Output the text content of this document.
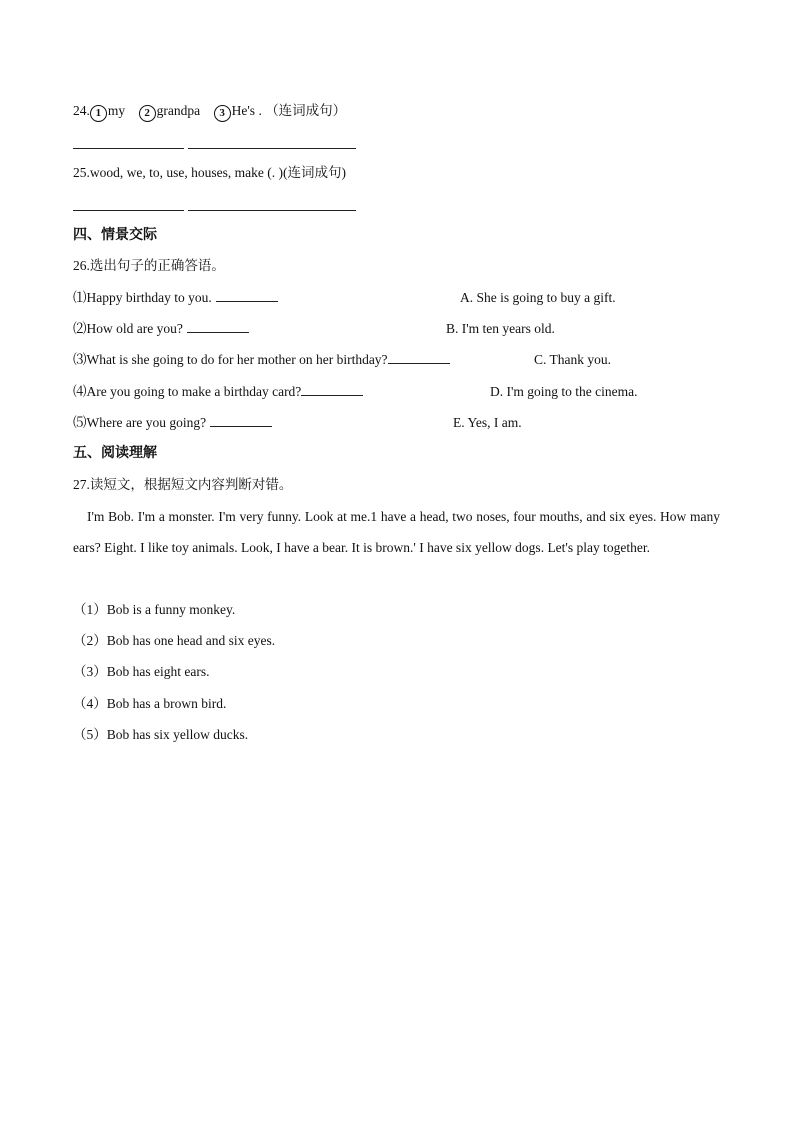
24. 1 my 2 grandpa 3 He's . （连词成句）
25.wood, we, to, use, houses, make (. )(连词成句)
四、情景交际
26.选出句子的正确答语。
⑴Happy birthday to you.
⑵How old are you?
⑶What is she going to do for her mother on her birthday?
⑷Are you going to make a birthday card?
⑸Where are you going?
A. She is going to buy a gift.
B. I'm ten years old.
C. Thank you.
D. I'm going to the cinema.
E. Yes, I am.
五、阅读理解
27.读短文，根据短文内容判断对错。
I'm Bob. I'm a monster. I'm very funny. Look at me.1 have a head, two noses, four mouths, and six eyes. How many ears? Eight. I like toy animals. Look, I have a bear. It is brown.' I have six yellow dogs. Let's play together.
（1）Bob is a funny monkey.
（2）Bob has one head and six eyes.
（3）Bob has eight ears.
（4）Bob has a brown bird.
（5）Bob has six yellow ducks.
